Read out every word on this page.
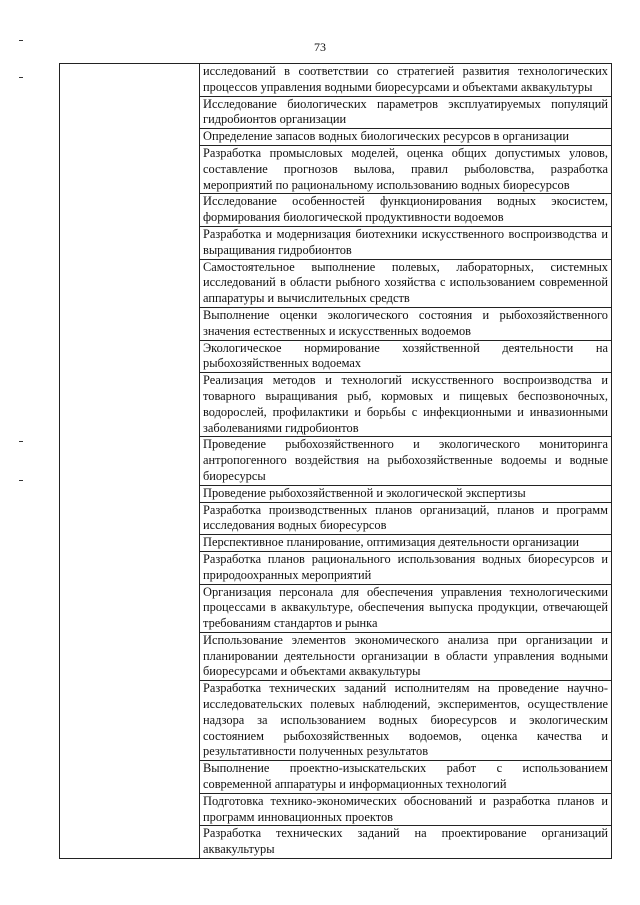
73

исследований в соответствии со стратегией развития технологических процессов управления водными биоресурсами и объектами аквакультуры
Исследование биологических параметров эксплуатируемых популяций гидробионтов организации
Определение запасов водных биологических ресурсов в организации
Разработка промысловых моделей, оценка общих допустимых уловов, составление прогнозов вылова, правил рыболовства, разработка мероприятий по рациональному использованию водных биоресурсов
Исследование особенностей функционирования водных экосистем, формирования биологической продуктивности водоемов
Разработка и модернизация биотехники искусственного воспроизводства и выращивания гидробионтов
Самостоятельное выполнение полевых, лабораторных, системных исследований в области рыбного хозяйства с использованием современной аппаратуры и вычислительных средств
Выполнение оценки экологического состояния и рыбохозяйственного значения естественных и искусственных водоемов
Экологическое нормирование хозяйственной деятельности на рыбохозяйственных водоемах
Реализация методов и технологий искусственного воспроизводства и товарного выращивания рыб, кормовых и пищевых беспозвоночных, водорослей, профилактики и борьбы с инфекционными и инвазионными заболеваниями гидробионтов
Проведение рыбохозяйственного и экологического мониторинга антропогенного воздействия на рыбохозяйственные водоемы и водные биоресурсы
Проведение рыбохозяйственной и экологической экспертизы
Разработка производственных планов организаций, планов и программ исследования водных биоресурсов
Перспективное планирование, оптимизация деятельности организации
Разработка планов рационального использования водных биоресурсов и природоохранных мероприятий
Организация персонала для обеспечения управления технологическими процессами в аквакультуре, обеспечения выпуска продукции, отвечающей требованиям стандартов и рынка
Использование элементов экономического анализа при организации и планировании деятельности организации в области управления водными биоресурсами и объектами аквакультуры
Разработка технических заданий исполнителям на проведение научно-исследовательских полевых наблюдений, экспериментов, осуществление надзора за использованием водных биоресурсов и экологическим состоянием рыбохозяйственных водоемов, оценка качества и результативности полученных результатов
Выполнение проектно-изыскательских работ с использованием современной аппаратуры и информационных технологий
Подготовка технико-экономических обоснований и разработка планов и программ инновационных проектов
Разработка технических заданий на проектирование организаций аквакультуры
